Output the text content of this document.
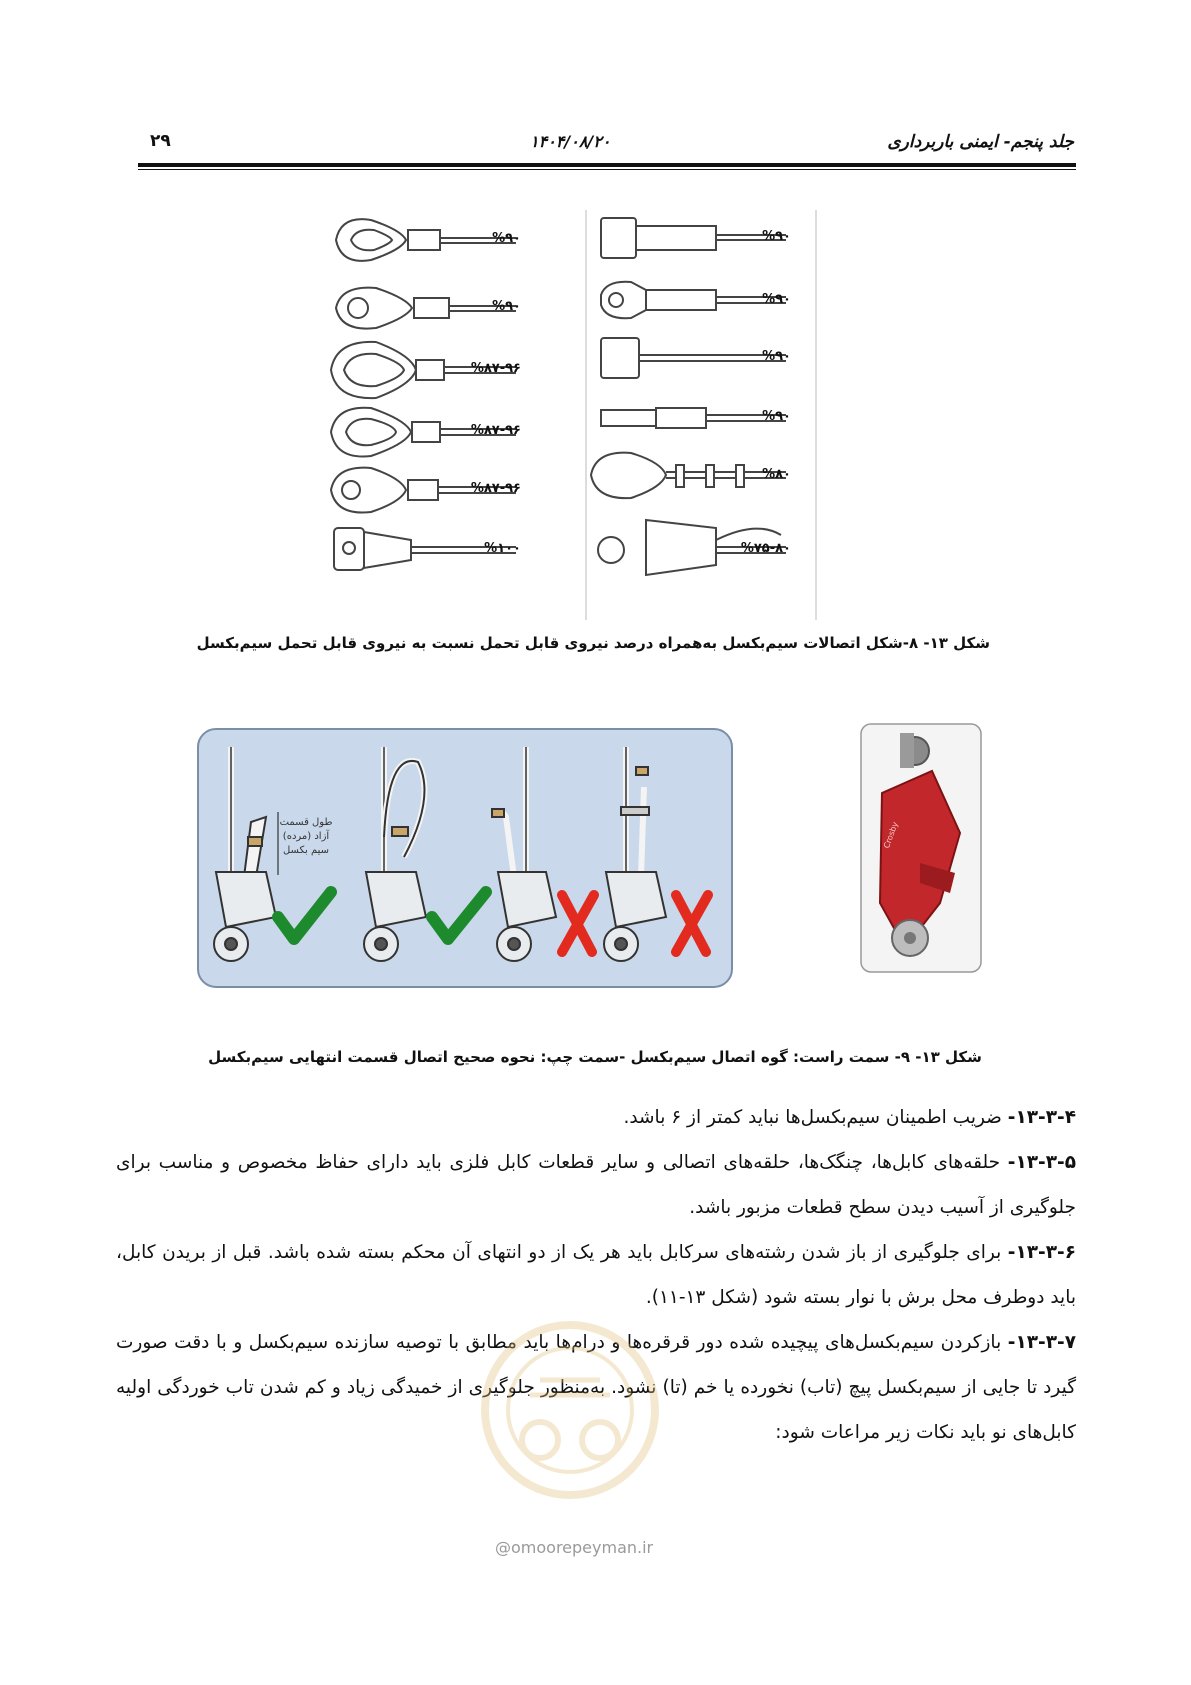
جلد پنجم- ایمنی باربرداری
۱۴۰۴/۰۸/۲۰
۲۹
%۹۰
%۹۰
%۸۷-۹۶
%۸۷-۹۶
%۸۷-۹۶
%۱۰۰
%۹۰
%۹۰
%۹۰
%۹۰
%۸۰
%۷۵-۸۰
شکل ۱۳- ۸-شکل اتصالات سیم‌بکسل به‌همراه درصد نیروی قابل تحمل نسبت به نیروی قابل تحمل سیم‌بکسل
طول قسمت
آزاد (مرده)
سیم بکسل
Crosby
شکل ۱۳- ۹- سمت راست: گوه اتصال سیم‌بکسل -سمت چپ: نحوه صحیح اتصال قسمت انتهایی سیم‌بکسل

۱۳-۳-۴- ضریب اطمینان سیم‌بکسل‌ها نباید کمتر از ۶ باشد.

۱۳-۳-۵- حلقه‌های کابل‌ها، چنگک‌ها، حلقه‌های اتصالی و سایر قطعات کابل فلزی باید دارای حفاظ مخصوص و مناسب برای جلوگیری از آسیب دیدن سطح قطعات مزبور باشد.

۱۳-۳-۶- برای جلوگیری از باز شدن رشته‌های سرکابل باید هر یک از دو انتهای آن محکم بسته شده باشد. قبل از بریدن کابل، باید دوطرف محل برش با نوار بسته شود (شکل ۱۳-۱۱).

۱۳-۳-۷- بازکردن سیم‌بکسل‌های پیچیده شده دور قرقره‌ها و درام‌ها باید مطابق با توصیه سازنده سیم‌بکسل و با دقت صورت گیرد تا جایی از سیم‌بکسل پیچ (تاب) نخورده یا خم (تا) نشود. به‌منظور جلوگیری از خمیدگی زیاد و کم شدن تاب خوردگی اولیه کابل‌های نو باید نکات زیر مراعات شود:

@omoorepeyman.ir
